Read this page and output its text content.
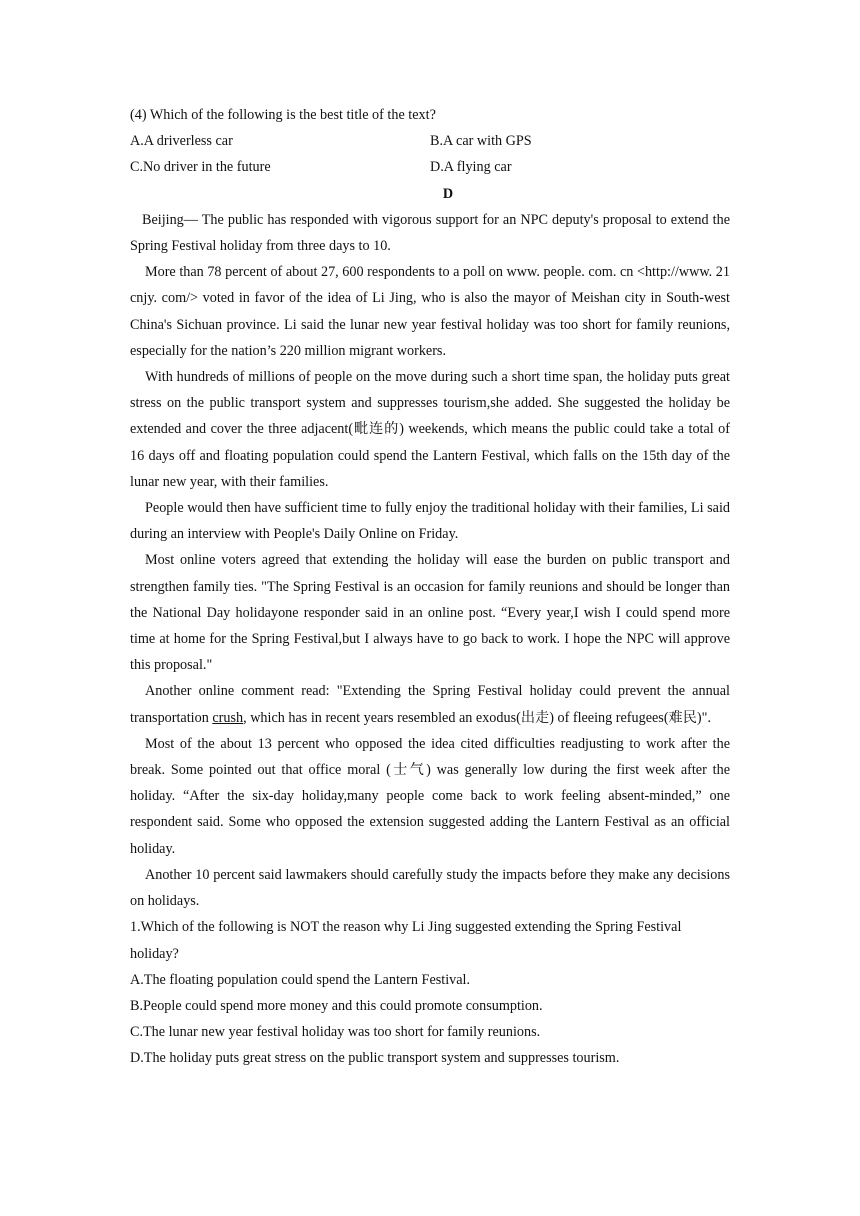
(4) Which of the following is the best title of the text?
A.A driverless car	B.A car with GPS
C.No driver in the future	D.A flying car
D

Beijing— The public has responded with vigorous support for an NPC deputy's proposal to extend the Spring Festival holiday from three days to 10.

More than 78 percent of about 27, 600 respondents to a poll on www. people. com. cn <http://www. 21 cnjy. com/> voted in favor of the idea of Li Jing, who is also the mayor of Meishan city in South-west China's Sichuan province. Li said the lunar new year festival holiday was too short for family reunions, especially for the nation’s 220 million migrant workers.

With hundreds of millions of people on the move during such a short time span, the holiday puts great stress on the public transport system and suppresses tourism,she added. She suggested the holiday be extended and cover the three adjacent(毗连的) weekends, which means the public could take a total of 16 days off and floating population could spend the Lantern Festival, which falls on the 15th day of the lunar new year, with their families.

People would then have sufficient time to fully enjoy the traditional holiday with their families, Li said during an interview with People's Daily Online on Friday.

Most online voters agreed that extending the holiday will ease the burden on public transport and strengthen family ties. "The Spring Festival is an occasion for family reunions and should be longer than the National Day holidayone responder said in an online post. “Every year,I wish I could spend more time at home for the Spring Festival,but I always have to go back to work. I hope the NPC will approve this proposal."

Another online comment read: "Extending the Spring Festival holiday could prevent the annual transportation crush, which has in recent years resembled an exodus(出走) of fleeing refugees(难民)".

Most of the about 13 percent who opposed the idea cited difficulties readjusting to work after the break. Some pointed out that office moral (士气) was generally low during the first week after the holiday. “After the six-day holiday,many people come back to work feeling absent-minded,” one respondent said. Some who opposed the extension suggested adding the Lantern Festival as an official holiday.

Another 10 percent said lawmakers should carefully study the impacts before they make any decisions on holidays.

1.Which of the following is NOT the reason why Li Jing suggested extending the Spring Festival holiday?

A.The floating population could spend the Lantern Festival.
B.People could spend more money and this could promote consumption.
C.The lunar new year festival holiday was too short for family reunions.
D.The holiday puts great stress on the public transport system and suppresses tourism.
